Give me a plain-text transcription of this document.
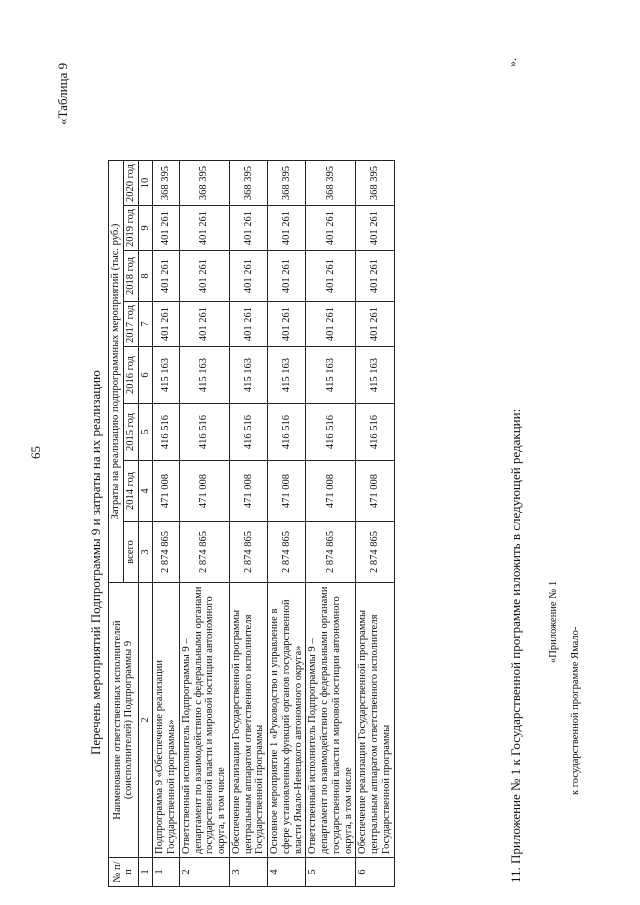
65
«Таблица 9
Перечень мероприятий Подпрограммы 9 и затраты на их реализацию
№ п/п	Наименование ответственных исполнителей (соисполнителей) Подпрограммы 9	Затраты на реализацию подпрограммных мероприятий (тыс. руб.)							
		всего	2014 год	2015 год	2016 год	2017 год	2018 год	2019 год	2020 год
1	2	3	4	5	6	7	8	9	10
1	Подпрограмма 9 «Обеспечение реализации Государственной программы»	2 874 865	471 008	416 516	415 163	401 261	401 261	401 261	368 395
2	Ответственный исполнитель Подпрограммы 9 – департамент по взаимодействию с федеральными органами государственной власти и мировой юстиции автономного округа, в том числе	2 874 865	471 008	416 516	415 163	401 261	401 261	401 261	368 395
3	Обеспечение реализации Государственной программы центральным аппаратом ответственного исполнителя Государственной программы	2 874 865	471 008	416 516	415 163	401 261	401 261	401 261	368 395
4	Основное мероприятие 1 «Руководство и управление в сфере установленных функций органов государственной власти Ямало-Ненецкого автономного округа»	2 874 865	471 008	416 516	415 163	401 261	401 261	401 261	368 395
5	Ответственный исполнитель Подпрограммы 9 – департамент по взаимодействию с федеральными органами государственной власти и мировой юстиции автономного округа, в том числе	2 874 865	471 008	416 516	415 163	401 261	401 261	401 261	368 395
6	Обеспечение реализации Государственной программы центральным аппаратом ответственного исполнителя Государственной программы	2 874 865	471 008	416 516	415 163	401 261	401 261	401 261	368 395
».
11. Приложение № 1 к Государственной программе изложить в следующей редакции: «Приложение № 1
к государственной программе Ямало-
